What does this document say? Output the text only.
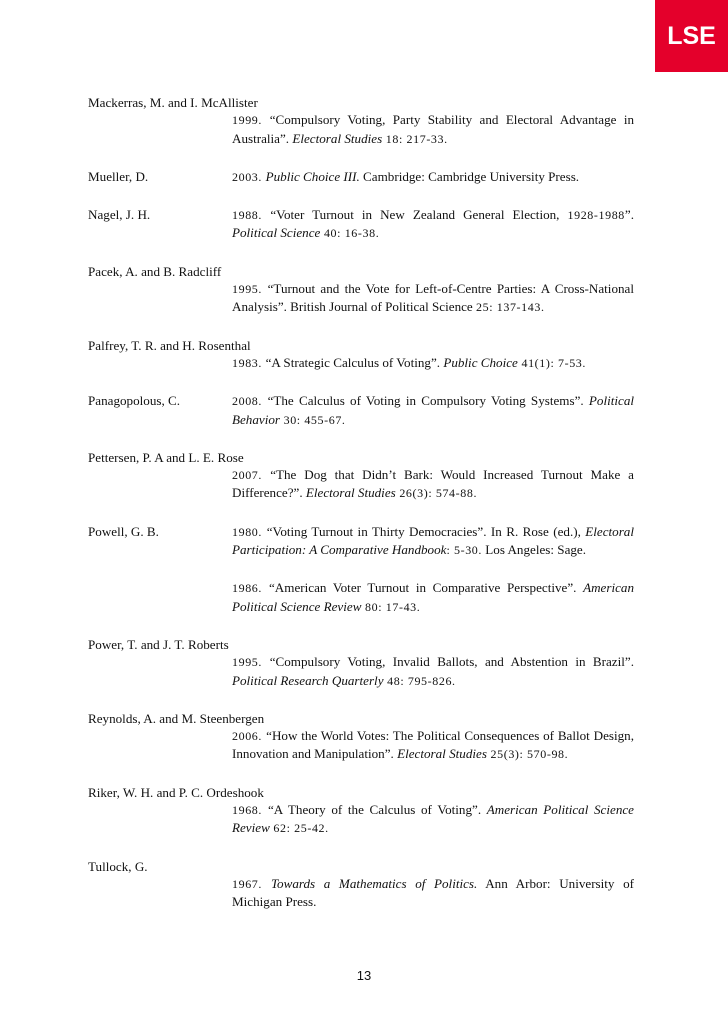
LSE
Mackerras, M. and I. McAllister
1999. “Compulsory Voting, Party Stability and Electoral Advantage in Australia”. Electoral Studies 18: 217-33.
Mueller, D.	2003. Public Choice III. Cambridge: Cambridge University Press.
Nagel, J. H.	1988. “Voter Turnout in New Zealand General Election, 1928-1988”. Political Science 40: 16-38.
Pacek, A. and B. Radcliff
1995. “Turnout and the Vote for Left-of-Centre Parties: A Cross-National Analysis”. British Journal of Political Science 25: 137-143.
Palfrey, T. R. and H. Rosenthal
1983. “A Strategic Calculus of Voting”. Public Choice 41(1): 7-53.
Panagopolous, C.	2008. “The Calculus of Voting in Compulsory Voting Systems”. Political Behavior 30: 455-67.
Pettersen, P. A and L. E. Rose
2007. “The Dog that Didn’t Bark: Would Increased Turnout Make a Difference?”. Electoral Studies 26(3): 574-88.
Powell, G. B.	1980. “Voting Turnout in Thirty Democracies”. In R. Rose (ed.), Electoral Participation: A Comparative Handbook: 5-30. Los Angeles: Sage.
1986. “American Voter Turnout in Comparative Perspective”. American Political Science Review 80: 17-43.
Power, T. and J. T. Roberts
1995. “Compulsory Voting, Invalid Ballots, and Abstention in Brazil”. Political Research Quarterly 48: 795-826.
Reynolds, A. and M. Steenbergen
2006. “How the World Votes: The Political Consequences of Ballot Design, Innovation and Manipulation”. Electoral Studies 25(3): 570-98.
Riker, W. H. and P. C. Ordeshook
1968. “A Theory of the Calculus of Voting”. American Political Science Review 62: 25-42.
Tullock, G.
1967. Towards a Mathematics of Politics. Ann Arbor: University of Michigan Press.
13
